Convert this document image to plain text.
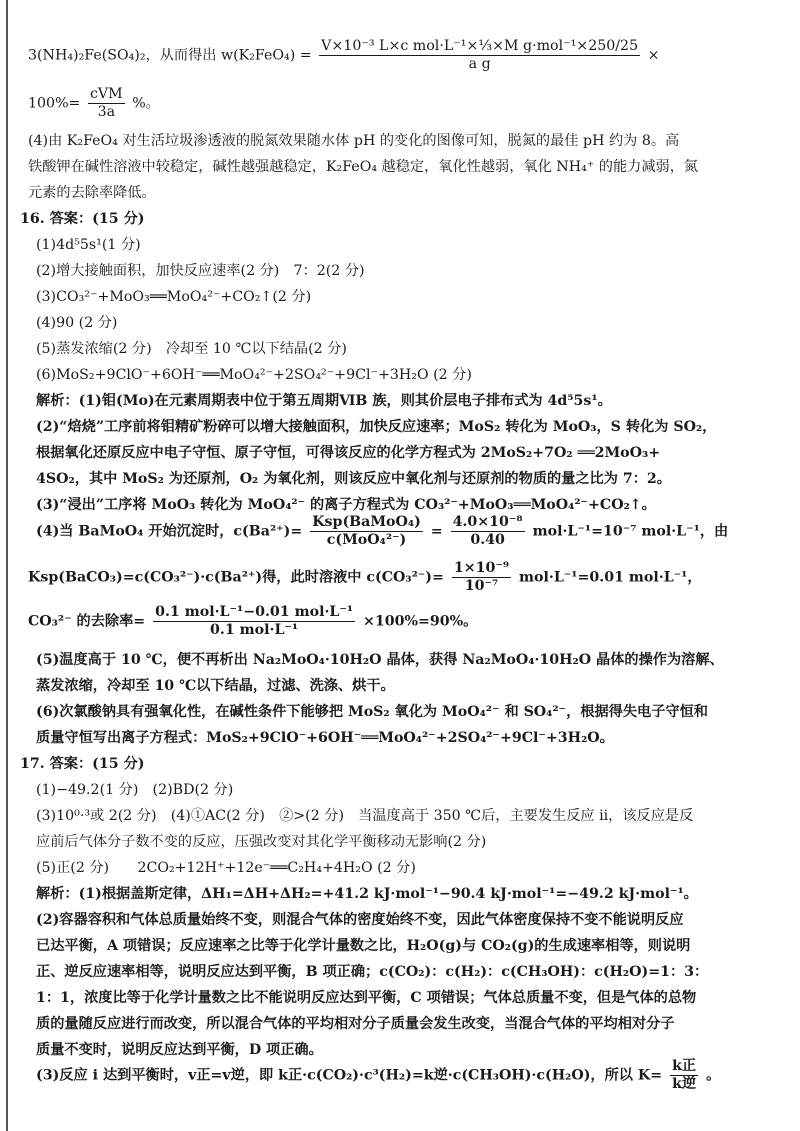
3(NH₄)₂Fe(SO₄)₂，从而得出 $w(K_2FeO_4) = \frac{\text{V×10⁻³ L×c mol·L⁻¹×⅓×M g·mol⁻¹×250/25}}{\text{a g}}$ ×
$100\%= \frac{\text{cVM}}{3a}$ %。
(4)由 K₂FeO₄ 对生活垃圾渗透液的脱氮效果随水体 pH 的变化的图像可知，脱氮的最佳 pH 约为 8。高
铁酸钾在碱性溶液中较稳定，碱性越强越稳定，K₂FeO₄ 越稳定，氧化性越弱，氧化 NH₄⁺ 的能力减弱，氮
元素的去除率降低。
16. 答案：(15 分)
(1)4d⁵5s¹(1 分)
(2)增大接触面积，加快反应速率(2 分)　7：2(2 分)
(3)CO₃²⁻+MoO₃══MoO₄²⁻+CO₂↑(2 分)
(4)90 (2 分)
(5)蒸发浓缩(2 分)　冷却至 10 ℃以下结晶(2 分)
(6)MoS₂+9ClO⁻+6OH⁻══MoO₄²⁻+2SO₄²⁻+9Cl⁻+3H₂O (2 分)
解析：(1)钼(Mo)在元素周期表中位于第五周期ⅥB 族，则其价层电子排布式为 4d⁵5s¹。
(2)“焙烧”工序前将钼精矿粉碎可以增大接触面积，加快反应速率；MoS₂ 转化为 MoO₃，S 转化为 SO₂，
根据氧化还原反应中电子守恒、原子守恒，可得该反应的化学方程式为 2MoS₂+7O₂ ══2MoO₃+
4SO₂，其中 MoS₂ 为还原剂，O₂ 为氧化剂，则该反应中氧化剂与还原剂的物质的量之比为 7：2。
(3)“浸出”工序将 MoO₃ 转化为 MoO₄²⁻ 的离子方程式为 CO₃²⁻+MoO₃══MoO₄²⁻+CO₂↑。
(4)当 BaMoO₄ 开始沉淀时，$c(Ba^{2+})= \frac{\text{Ksp(BaMoO₄)}}{\text{c(MoO₄²⁻)}} = \frac{\text{4.0×10⁻⁸}}{0.40} mol\cdot L^{-1}=10^{-7}$ mol·L⁻¹，由
Ksp(BaCO₃)=c(CO₃²⁻)·c(Ba²⁺)得，此时溶液中 $c(CO_3^{2-})= \frac{\text{1×10⁻⁹}}{\text{10⁻⁷}} mol\cdot L^{-1}=0.01$ mol·L⁻¹，
CO₃²⁻ 的去除率= $\frac{\text{0.1 mol·L⁻¹−0.01 mol·L⁻¹}}{\text{0.1 mol·L⁻¹}} \times 100\%=90\%$。
(5)温度高于 10 ℃，便不再析出 Na₂MoO₄·10H₂O 晶体，获得 Na₂MoO₄·10H₂O 晶体的操作为溶解、
蒸发浓缩，冷却至 10 ℃以下结晶，过滤、洗涤、烘干。
(6)次氯酸钠具有强氧化性，在碱性条件下能够把 MoS₂ 氧化为 MoO₄²⁻ 和 SO₄²⁻，根据得失电子守恒和
质量守恒写出离子方程式：MoS₂+9ClO⁻+6OH⁻══MoO₄²⁻+2SO₄²⁻+9Cl⁻+3H₂O。
17. 答案：(15 分)
(1)−49.2(1 分)　(2)BD(2 分)
(3)10⁰·³或 2(2 分)　(4)①AC(2 分)　②>(2 分)　当温度高于 350 ℃后，主要发生反应 ii，该反应是反
应前后气体分子数不变的反应，压强改变对其化学平衡移动无影响(2 分)
(5)正(2 分)　　2CO₂+12H⁺+12e⁻══C₂H₄+4H₂O (2 分)
解析：(1)根据盖斯定律，ΔH₁=ΔH+ΔH₂=+41.2 kJ·mol⁻¹−90.4 kJ·mol⁻¹=−49.2 kJ·mol⁻¹。
(2)容器容积和气体总质量始终不变，则混合气体的密度始终不变，因此气体密度保持不变不能说明反应
已达平衡，A 项错误；反应速率之比等于化学计量数之比，H₂O(g)与 CO₂(g)的生成速率相等，则说明
正、逆反应速率相等，说明反应达到平衡，B 项正确；c(CO₂)：c(H₂)：c(CH₃OH)：c(H₂O)=1：3：
1：1，浓度比等于化学计量数之比不能说明反应达到平衡，C 项错误；气体总质量不变，但是气体的总物
质的量随反应进行而改变，所以混合气体的平均相对分子质量会发生改变，当混合气体的平均相对分子
质量不变时，说明反应达到平衡，D 项正确。
(3)反应 i 达到平衡时，v正=v逆，即 k正·c(CO₂)·c³(H₂)=k逆·c(CH₃OH)·c(H₂O)，所以 $K= \frac{\text{k正}}{\text{k逆}}$ 。
